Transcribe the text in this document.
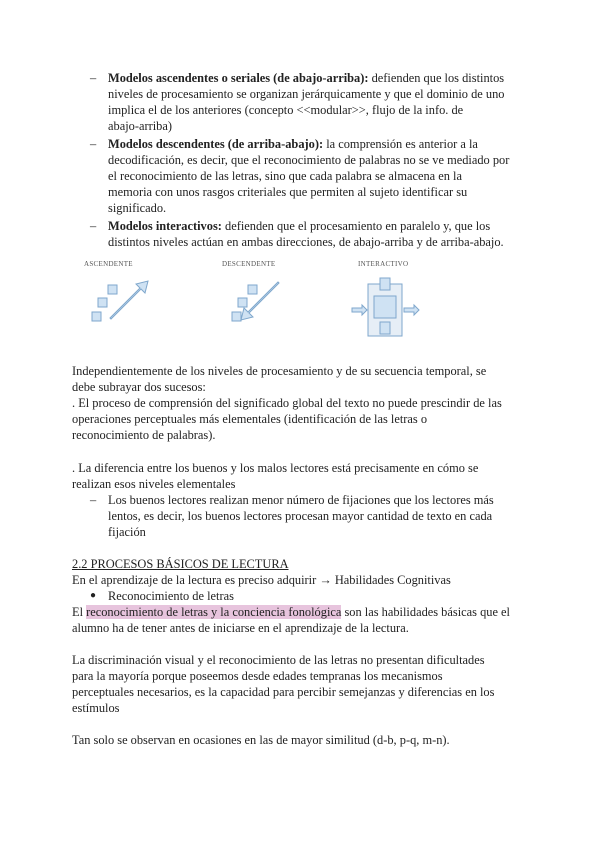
– Modelos ascendentes o seriales (de abajo-arriba): defienden que los distintos
niveles de procesamiento se organizan jerárquicamente y que el dominio de uno
implica el de los anteriores (concepto <<modular>>, flujo de la info. de
abajo-arriba)
– Modelos descendentes (de arriba-abajo): la comprensión es anterior a la
decodificación, es decir, que el reconocimiento de palabras no se ve mediado por
el reconocimiento de las letras, sino que cada palabra se almacena en la
memoria con unos rasgos criteriales que permiten al sujeto identificar su
significado.
– Modelos interactivos: defienden que el procesamiento en paralelo y, que los
distintos niveles actúan en ambas direcciones, de abajo-arriba y de arriba-abajo.
ASCENDENTE	DESCENDENTE	INTERACTIVO
Independientemente de los niveles de procesamiento y de su secuencia temporal, se
debe subrayar dos sucesos:
. El proceso de comprensión del significado global del texto no puede prescindir de las
operaciones perceptuales más elementales (identificación de las letras o
reconocimiento de palabras).
. La diferencia entre los buenos y los malos lectores está precisamente en cómo se
realizan esos niveles elementales
– Los buenos lectores realizan menor número de fijaciones que los lectores más
lentos, es decir, los buenos lectores procesan mayor cantidad de texto en cada
fijación
2.2 PROCESOS BÁSICOS DE LECTURA
En el aprendizaje de la lectura es preciso adquirir → Habilidades Cognitivas
● Reconocimiento de letras
El reconocimiento de letras y la conciencia fonológica son las habilidades básicas que el
alumno ha de tener antes de iniciarse en el aprendizaje de la lectura.
La discriminación visual y el reconocimiento de las letras no presentan dificultades
para la mayoría porque poseemos desde edades tempranas los mecanismos
perceptuales necesarios, es la capacidad para percibir semejanzas y diferencias en los
estímulos
Tan solo se observan en ocasiones en las de mayor similitud (d-b, p-q, m-n).
